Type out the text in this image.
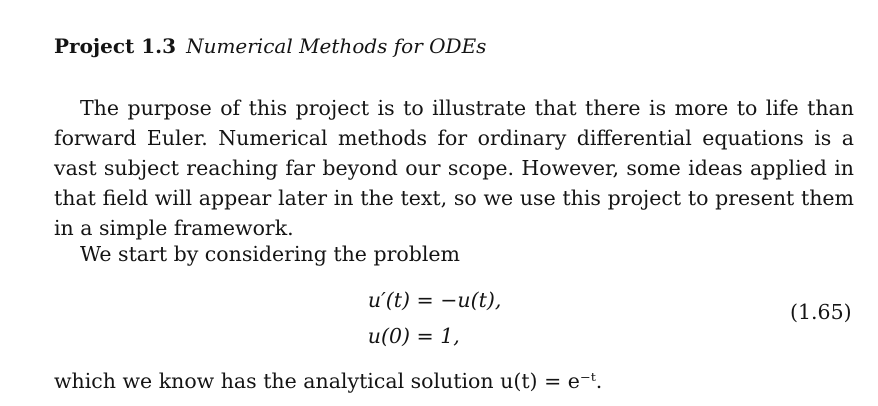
Project 1.3 Numerical Methods for ODEs
The purpose of this project is to illustrate that there is more to life than forward Euler. Numerical methods for ordinary differential equations is a vast subject reaching far beyond our scope. However, some ideas applied in that field will appear later in the text, so we use this project to present them in a simple framework.
We start by considering the problem
u′(t) = −u(t),
u(0) = 1,
(1.65)
which we know has the analytical solution u(t) = e⁻ᵗ.
